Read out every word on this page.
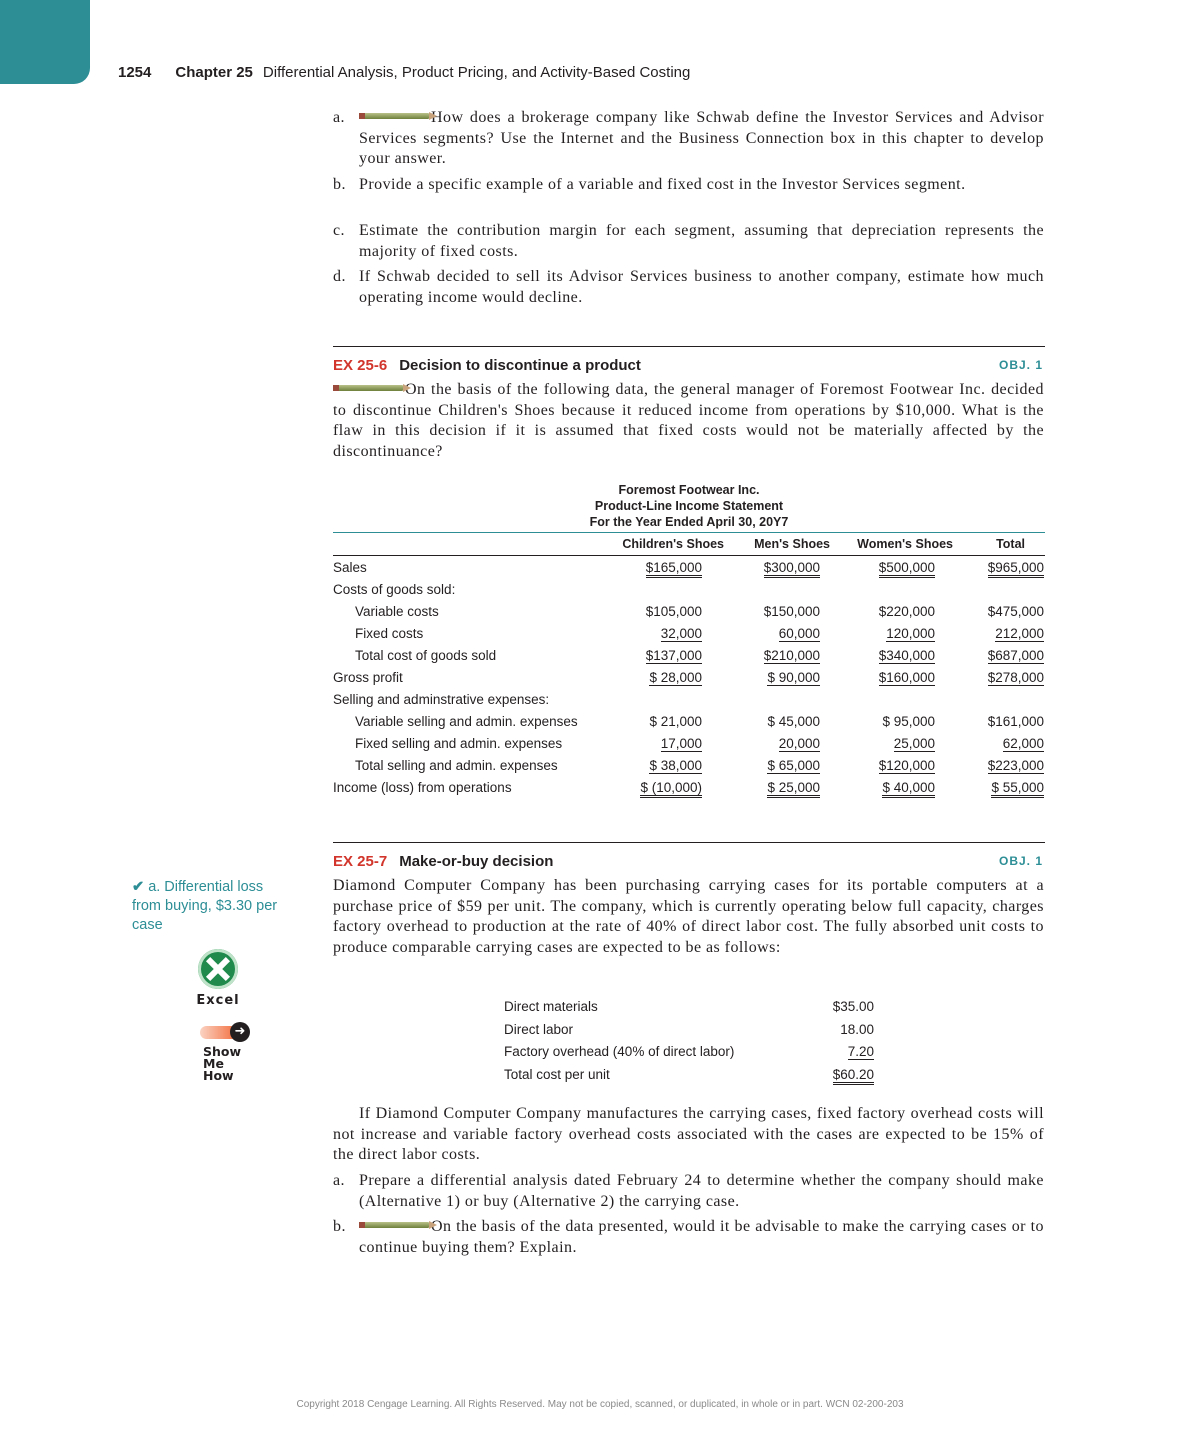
1254 Chapter 25 Differential Analysis, Product Pricing, and Activity-Based Costing
a.	How does a brokerage company like Schwab define the Investor Services and Advisor Services segments? Use the Internet and the Business Connection box in this chapter to develop your answer.
b. Provide a specific example of a variable and fixed cost in the Investor Services segment.
c. Estimate the contribution margin for each segment, assuming that depreciation represents the majority of fixed costs.
d. If Schwab decided to sell its Advisor Services business to another company, estimate how much operating income would decline.
EX 25-6 Decision to discontinue a product	OBJ. 1
On the basis of the following data, the general manager of Foremost Footwear Inc. decided to discontinue Children's Shoes because it reduced income from operations by $10,000. What is the flaw in this decision if it is assumed that fixed costs would not be materially affected by the discontinuance?
Foremost Footwear Inc.
Product-Line Income Statement
For the Year Ended April 30, 20Y7
Children's Shoes	Men's Shoes	Women's Shoes	Total
Sales	$165,000	$300,000	$500,000	$965,000
Costs of goods sold:
Variable costs	$105,000	$150,000	$220,000	$475,000
Fixed costs	32,000	60,000	120,000	212,000
Total cost of goods sold	$137,000	$210,000	$340,000	$687,000
Gross profit	$ 28,000	$ 90,000	$160,000	$278,000
Selling and adminstrative expenses:
Variable selling and admin. expenses	$ 21,000	$ 45,000	$ 95,000	$161,000
Fixed selling and admin. expenses	17,000	20,000	25,000	62,000
Total selling and admin. expenses	$ 38,000	$ 65,000	$120,000	$223,000
Income (loss) from operations	$ (10,000)	$ 25,000	$ 40,000	$ 55,000
EX 25-7 Make-or-buy decision	OBJ. 1
Diamond Computer Company has been purchasing carrying cases for its portable computers at a purchase price of $59 per unit. The company, which is currently operating below full capacity, charges factory overhead to production at the rate of 40% of direct labor cost. The fully absorbed unit costs to produce comparable carrying cases are expected to be as follows:
Direct materials	$35.00
Direct labor	18.00
Factory overhead (40% of direct labor)	7.20
Total cost per unit	$60.20
If Diamond Computer Company manufactures the carrying cases, fixed factory overhead costs will not increase and variable factory overhead costs associated with the cases are expected to be 15% of the direct labor costs.
a. Prepare a differential analysis dated February 24 to determine whether the company should make (Alternative 1) or buy (Alternative 2) the carrying case.
b.	On the basis of the data presented, would it be advisable to make the carrying cases or to continue buying them? Explain.
✔ a. Differential loss from buying, $3.30 per case
Excel
➜
Show
Me
How
Copyright 2018 Cengage Learning. All Rights Reserved. May not be copied, scanned, or duplicated, in whole or in part. WCN 02-200-203
